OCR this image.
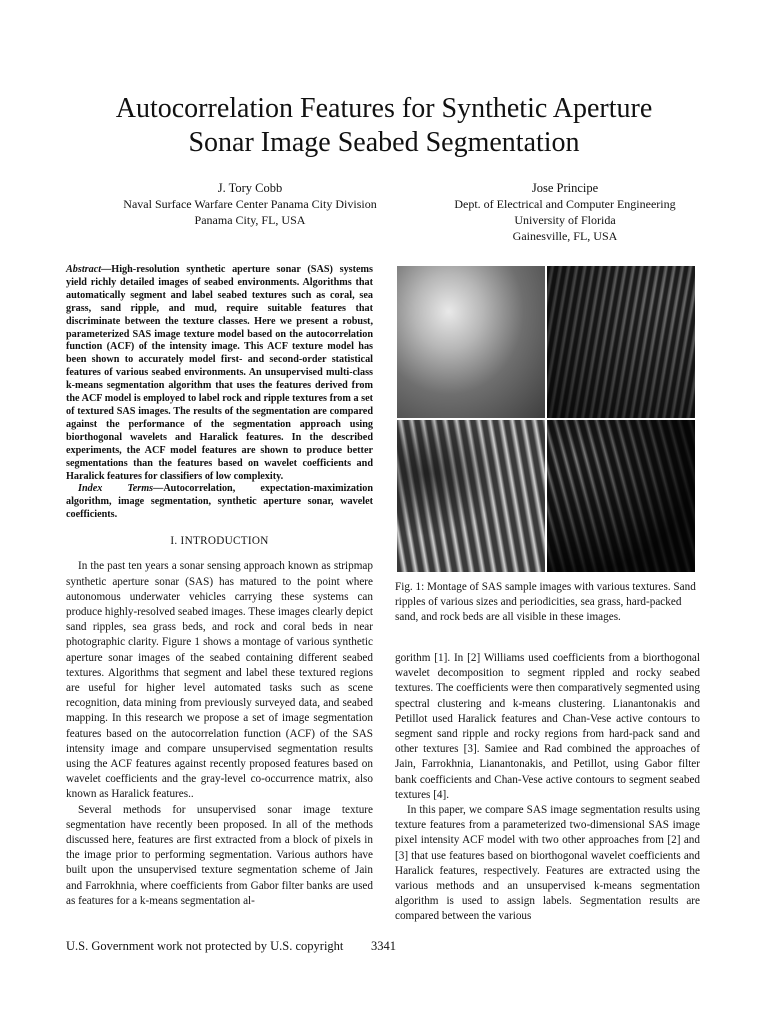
Autocorrelation Features for Synthetic Aperture
Sonar Image Seabed Segmentation
J. Tory Cobb
Naval Surface Warfare Center Panama City Division
Panama City, FL, USA
Jose Principe
Dept. of Electrical and Computer Engineering
University of Florida
Gainesville, FL, USA
Abstract—High-resolution synthetic aperture sonar (SAS) systems yield richly detailed images of seabed environments. Algorithms that automatically segment and label seabed textures such as coral, sea grass, sand ripple, and mud, require suitable features that discriminate between the texture classes. Here we present a robust, parameterized SAS image texture model based on the autocorrelation function (ACF) of the intensity image. This ACF texture model has been shown to accurately model first- and second-order statistical features of various seabed environments. An unsupervised multi-class k-means segmentation algorithm that uses the features derived from the ACF model is employed to label rock and ripple textures from a set of textured SAS images. The results of the segmentation are compared against the performance of the segmentation approach using biorthogonal wavelets and Haralick features. In the described experiments, the ACF model features are shown to produce better segmentations than the features based on wavelet coefficients and Haralick features for classifiers of low complexity.
Index Terms—Autocorrelation, expectation-maximization algorithm, image segmentation, synthetic aperture sonar, wavelet coefficients.
I. INTRODUCTION

In the past ten years a sonar sensing approach known as stripmap synthetic aperture sonar (SAS) has matured to the point where autonomous underwater vehicles carrying these systems can produce highly-resolved seabed images. These images clearly depict sand ripples, sea grass beds, and rock and coral beds in near photographic clarity. Figure 1 shows a montage of various synthetic aperture sonar images of the seabed containing different seabed textures. Algorithms that segment and label these textured regions are useful for higher level automated tasks such as scene recognition, data mining from previously surveyed data, and seabed mapping. In this research we propose a set of image segmentation features based on the autocorrelation function (ACF) of the SAS intensity image and compare unsupervised segmentation results using the ACF features against recently proposed features based on wavelet coefficients and the gray-level co-occurrence matrix, also known as Haralick features..

Several methods for unsupervised sonar image texture segmentation have recently been proposed. In all of the methods discussed here, features are first extracted from a block of pixels in the image prior to performing segmentation. Various authors have built upon the unsupervised texture segmentation scheme of Jain and Farrokhnia, where coefficients from Gabor filter banks are used as features for a k-means segmentation al-

Fig. 1: Montage of SAS sample images with various textures. Sand ripples of various sizes and periodicities, sea grass, hard-packed sand, and rock beds are all visible in these images.

gorithm [1]. In [2] Williams used coefficients from a biorthogonal wavelet decomposition to segment rippled and rocky seabed textures. The coefficients were then comparatively segmented using spectral clustering and k-means clustering. Lianantonakis and Petillot used Haralick features and Chan-Vese active contours to segment sand ripple and rocky regions from hard-pack sand and other textures [3]. Samiee and Rad combined the approaches of Jain, Farrokhnia, Lianantonakis, and Petillot, using Gabor filter bank coefficients and Chan-Vese active contours to segment seabed textures [4].

In this paper, we compare SAS image segmentation results using texture features from a parameterized two-dimensional SAS image pixel intensity ACF model with two other approaches from [2] and [3] that use features based on biorthogonal wavelet coefficients and Haralick features, respectively. Features are extracted using the various methods and an unsupervised k-means segmentation algorithm is used to assign labels. Segmentation results are compared between the various

U.S. Government work not protected by U.S. copyright 3341
